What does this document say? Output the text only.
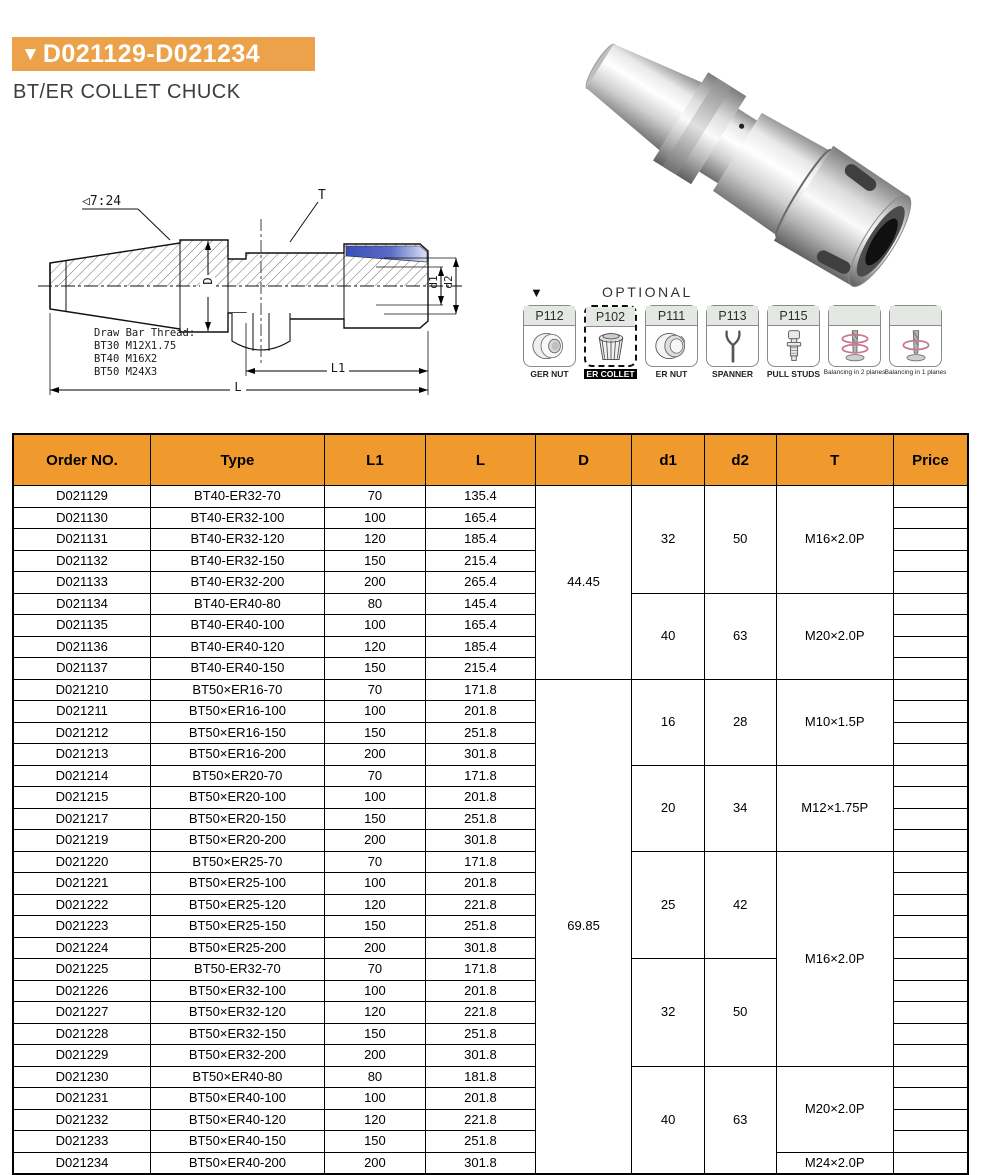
▼ D021129-D021234
BT/ER COLLET CHUCK
◁7:24	T
D	d1 d2
L1
L
Draw Bar Thread:
BT30 M12X1.75
BT40 M16X2
BT50 M24X3
▼	OPTIONAL
P112
GER NUT
P102
ER COLLET
P111
ER NUT
P113
SPANNER
P115
PULL STUDS Balancing in 2 planes Balancing in 1 planes
Order NO.	Type	L1	L	D	d1	d2	T	Price
D021129	BT40-ER32-70	70	135.4	44.45	32	50	M16×2.0P	
D021130	BT40-ER32-100	100	165.4					
D021131	BT40-ER32-120	120	185.4					
D021132	BT40-ER32-150	150	215.4					
D021133	BT40-ER32-200	200	265.4					
D021134	BT40-ER40-80	80	145.4		40	63	M20×2.0P	
D021135	BT40-ER40-100	100	165.4					
D021136	BT40-ER40-120	120	185.4					
D021137	BT40-ER40-150	150	215.4					
D021210	BT50×ER16-70	70	171.8	69.85	16	28	M10×1.5P	
D021211	BT50×ER16-100	100	201.8					
D021212	BT50×ER16-150	150	251.8					
D021213	BT50×ER16-200	200	301.8					
D021214	BT50×ER20-70	70	171.8		20	34	M12×1.75P	
D021215	BT50×ER20-100	100	201.8					
D021217	BT50×ER20-150	150	251.8					
D021219	BT50×ER20-200	200	301.8					
D021220	BT50×ER25-70	70	171.8		25	42	M16×2.0P	
D021221	BT50×ER25-100	100	201.8					
D021222	BT50×ER25-120	120	221.8					
D021223	BT50×ER25-150	150	251.8					
D021224	BT50×ER25-200	200	301.8					
D021225	BT50-ER32-70	70	171.8		32	50		
D021226	BT50×ER32-100	100	201.8					
D021227	BT50×ER32-120	120	221.8					
D021228	BT50×ER32-150	150	251.8					
D021229	BT50×ER32-200	200	301.8					
D021230	BT50×ER40-80	80	181.8		40	63	M20×2.0P	
D021231	BT50×ER40-100	100	201.8					
D021232	BT50×ER40-120	120	221.8					
D021233	BT50×ER40-150	150	251.8					
D021234	BT50×ER40-200	200	301.8				M24×2.0P	
